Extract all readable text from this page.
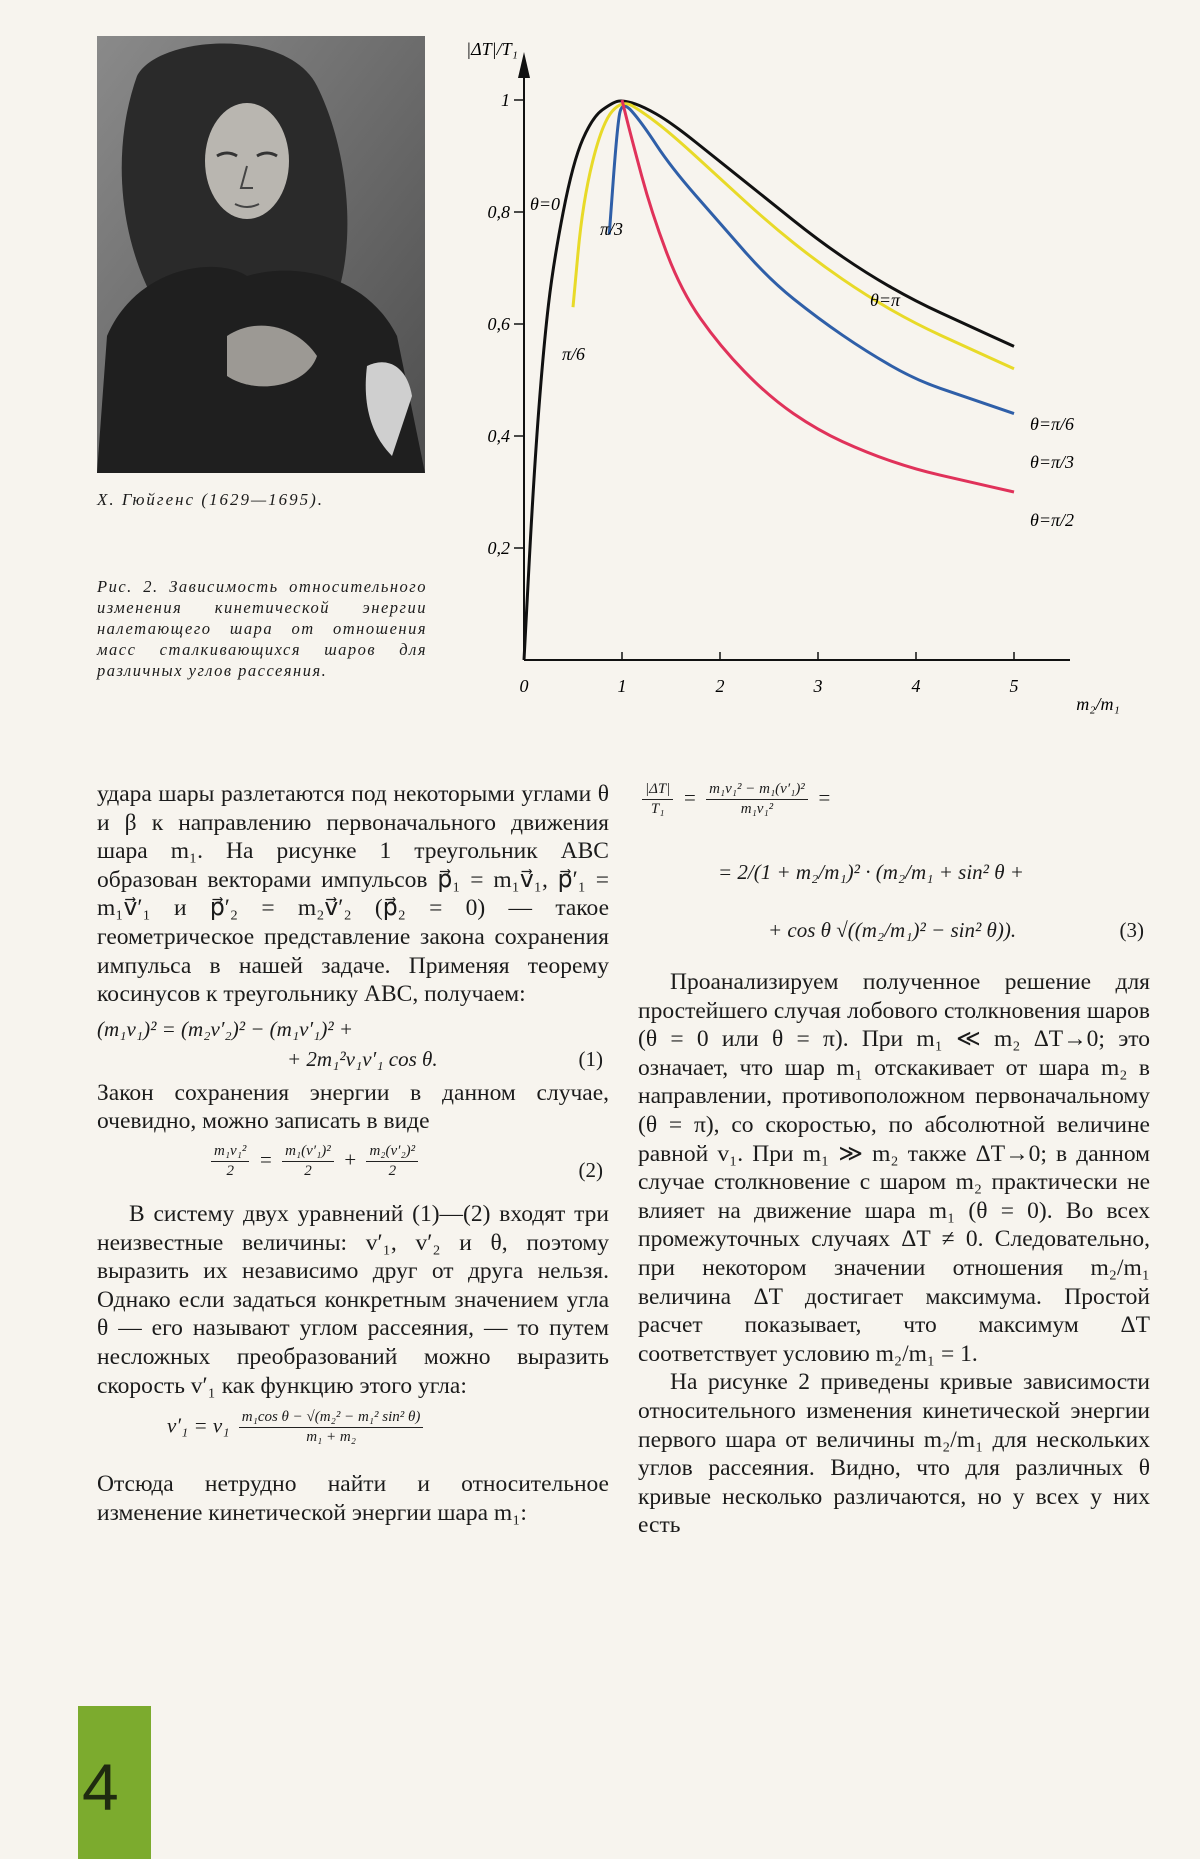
Х. Гюйгенс (1629—1695).
Рис. 2. Зависимость относительного изменения кинетической энергии налетающего шара от отношения масс сталкивающихся шаров для различных углов рассеяния.
|ΔT|/T₁
m₂/m₁
0	1	2	3	4	5
0,2
0,4
0,6
0,8
1
θ=0
π/3
π/6
θ=π
θ=π/6
θ=π/3
θ=π/2

удара шары разлетаются под некоторыми углами θ и β к направлению первоначального движения шара m₁. На рисунке 1 треугольник ABC образован векторами импульсов p⃗₁ = m₁v⃗₁, p⃗′₁ = m₁v⃗′₁ и p⃗′₂ = m₂v⃗′₂ (p⃗₂ = 0) — такое геометрическое представление закона сохранения импульса в нашей задаче. Применяя теорему косинусов к треугольнику ABC, получаем:

(m₁v₁)² = (m₂v′₂)² − (m₁v′₁)² +
+ 2m₁²v₁v′₁ cos θ.	(1)

Закон сохранения энергии в данном случае, очевидно, можно записать в виде

$\frac{\text{m₁v₁²}}{2} = \frac{\text{m₁(v′₁)²}}{2} + \frac{\text{m₂(v′₂)²}}{2}$	(2)

В систему двух уравнений (1)—(2) входят три неизвестные величины: v′₁, v′₂ и θ, поэтому выразить их независимо друг от друга нельзя. Однако если задаться конкретным значением угла θ — его называют углом рассеяния, — то путем несложных преобразований можно выразить скорость v′₁ как функцию этого угла:

$v'_1 = v_1 \frac{\text{m₁cos θ − √(m₂² − m₁² sin² θ)}}{\text{m₁ + m₂}}$

Отсюда нетрудно найти и относительное изменение кинетической энергии шара m₁:

$\frac{|\Delta T|}{\text{T₁}} = \frac{\text{m₁v₁² − m₁(v′₁)²}}{\text{m₁v₁²}}$ =
= 2/(1 + m₂/m₁)² · (m₂/m₁ + sin² θ +
+ cos θ √((m₂/m₁)² − sin² θ)).	(3)

Проанализируем полученное решение для простейшего случая лобового столкновения шаров (θ = 0 или θ = π). При m₁ ≪ m₂ ΔT→0; это означает, что шар m₁ отскакивает от шара m₂ в направлении, противоположном первоначальному (θ = π), со скоростью, по абсолютной величине равной v₁. При m₁ ≫ m₂ также ΔT→0; в данном случае столкновение с шаром m₂ практически не влияет на движение шара m₁ (θ = 0). Во всех промежуточных случаях ΔT ≠ 0. Следовательно, при некотором значении отношения m₂/m₁ величина ΔT достигает максимума. Простой расчет показывает, что максимум ΔT соответствует условию m₂/m₁ = 1.

На рисунке 2 приведены кривые зависимости относительного изменения кинетической энергии первого шара от величины m₂/m₁ для нескольких углов рассеяния. Видно, что для различных θ кривые несколько различаются, но у всех у них есть

4
